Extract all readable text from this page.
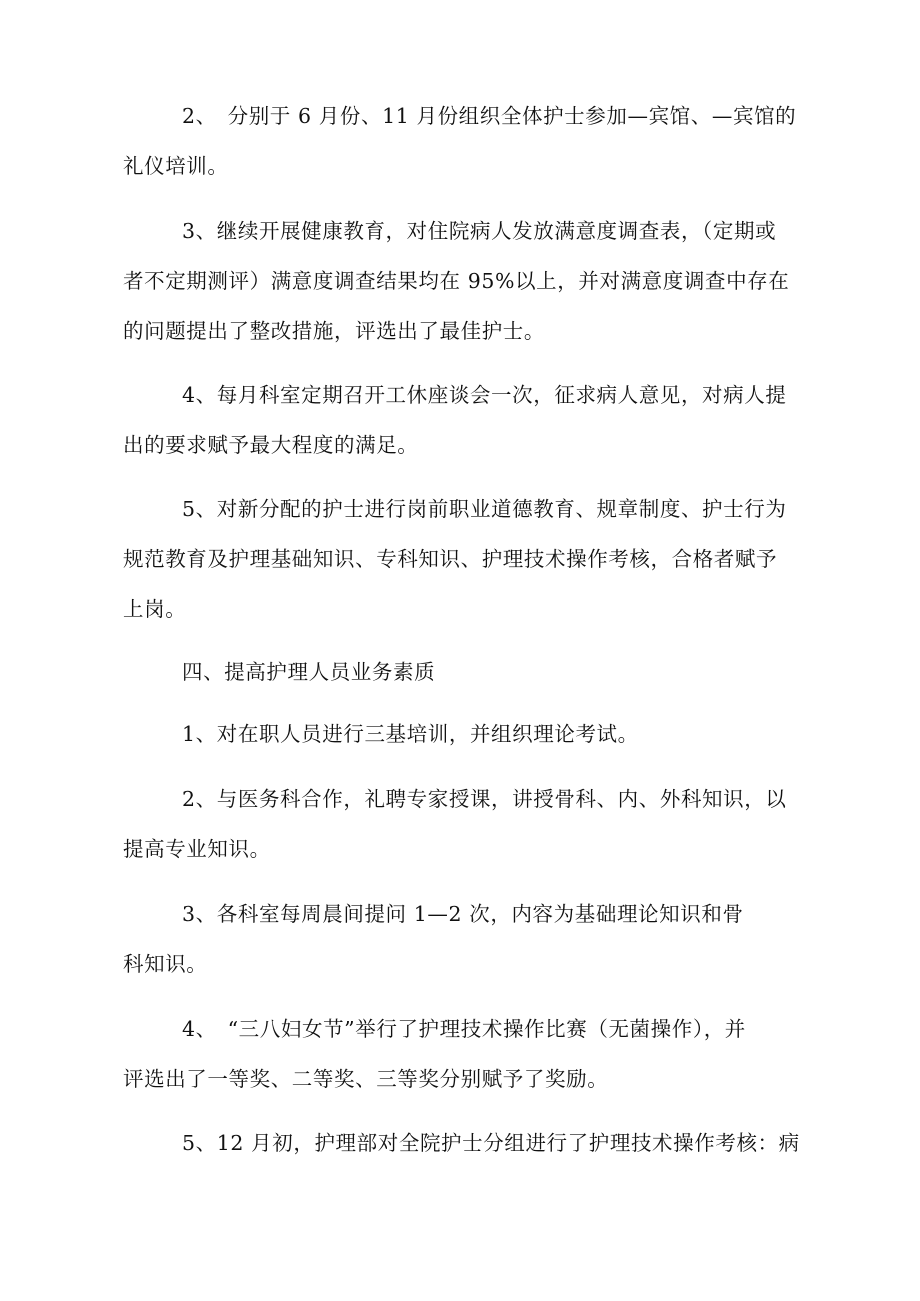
2、　分别于 6 月份、11 月份组织全体护士参加—宾馆、—宾馆的
礼仪培训。
3、继续开展健康教育，对住院病人发放满意度调查表，（定期或
者不定期测评）满意度调查结果均在 95%以上，并对满意度调查中存在
的问题提出了整改措施，评选出了最佳护士。
4、每月科室定期召开工休座谈会一次，征求病人意见，对病人提
出的要求赋予最大程度的满足。
5、对新分配的护士进行岗前职业道德教育、规章制度、护士行为
规范教育及护理基础知识、专科知识、护理技术操作考核，合格者赋予
上岗。
四、提高护理人员业务素质
1、对在职人员进行三基培训，并组织理论考试。
2、与医务科合作，礼聘专家授课，讲授骨科、内、外科知识，以
提高专业知识。
3、各科室每周晨间提问 1—2 次，内容为基础理论知识和骨
科知识。
4、　“三八妇女节”举行了护理技术操作比赛（无菌操作），并
评选出了一等奖、二等奖、三等奖分别赋予了奖励。
5、12 月初，护理部对全院护士分组进行了护理技术操作考核：病
